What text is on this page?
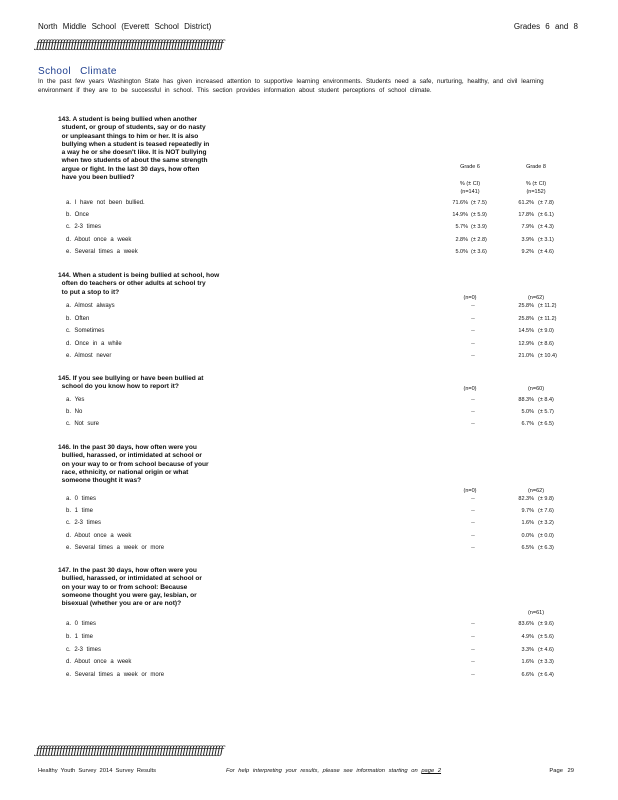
North Middle School (Everett School District)	Grades 6 and 8
ƒƒƒƒƒƒƒƒƒƒƒƒƒƒƒƒƒƒƒƒƒƒƒƒƒƒƒƒƒƒƒƒƒƒƒƒƒƒƒƒƒƒƒƒƒƒƒƒƒƒƒƒƒƒƒƒƒƒƒƒƒƒƒƒƒ
School Climate
In the past few years Washington State has given increased attention to supportive learning environments. Students need a safe, nurturing, healthy, and civil learning environment if they are to be successful in school. This section provides information about student perceptions of school climate.
143. A student is being bullied when another
student, or group of students, say or do nasty
or unpleasant things to him or her. It is also
bullying when a student is teased repeatedly in
a way he or she doesn't like. It is NOT bullying
when two students of about the same strength
argue or fight. In the last 30 days, how often
have you been bullied?
Grade 6	Grade 8
% (± CI)	% (± CI)
(n=141)	(n=152)
a. I have not been bullied.	71.6% (± 7.5)	61.2% (± 7.8)
b. Once	14.9% (± 5.9)	17.8% (± 6.1)
c. 2-3 times	5.7% (± 3.9)	7.9% (± 4.3)
d. About once a week	2.8% (± 2.8)	3.9% (± 3.1)
e. Several times a week	5.0% (± 3.6)	9.2% (± 4.6)
144. When a student is being bullied at school, how
often do teachers or other adults at school try
to put a stop to it?
(n=0)	(n=62)
a. Almost always	--	25.8% (± 11.2)
b. Often	--	25.8% (± 11.2)
c. Sometimes	--	14.5% (± 9.0)
d. Once in a while	--	12.9% (± 8.6)
e. Almost never	--	21.0% (± 10.4)
145. If you see bullying or have been bullied at
school do you know how to report it?	(n=0)	(n=60)
a. Yes	--	88.3% (± 8.4)
b. No	--	5.0% (± 5.7)
c. Not sure	--	6.7% (± 6.5)
146. In the past 30 days, how often were you
bullied, harassed, or intimidated at school or
on your way to or from school because of your
race, ethnicity, or national origin or what
someone thought it was?
(n=0)	(n=62)
a. 0 times	--	82.3% (± 9.8)
b. 1 time	--	9.7% (± 7.6)
c. 2-3 times	--	1.6% (± 3.2)
d. About once a week	--	0.0% (± 0.0)
e. Several times a week or more	--	6.5% (± 6.3)
147. In the past 30 days, how often were you
bullied, harassed, or intimidated at school or
on your way to or from school: Because
someone thought you were gay, lesbian, or
bisexual (whether you are or are not)?
(n=61)
a. 0 times	--	83.6% (± 9.6)
b. 1 time	--	4.9% (± 5.6)
c. 2-3 times	--	3.3% (± 4.6)
d. About once a week	--	1.6% (± 3.3)
e. Several times a week or more	--	6.6% (± 6.4)
ƒƒƒƒƒƒƒƒƒƒƒƒƒƒƒƒƒƒƒƒƒƒƒƒƒƒƒƒƒƒƒƒƒƒƒƒƒƒƒƒƒƒƒƒƒƒƒƒƒƒƒƒƒƒƒƒƒƒƒƒƒƒƒƒƒ
Healthy Youth Survey 2014 Survey Results	For help interpreting your results, please see information starting on page 2	Page 29
